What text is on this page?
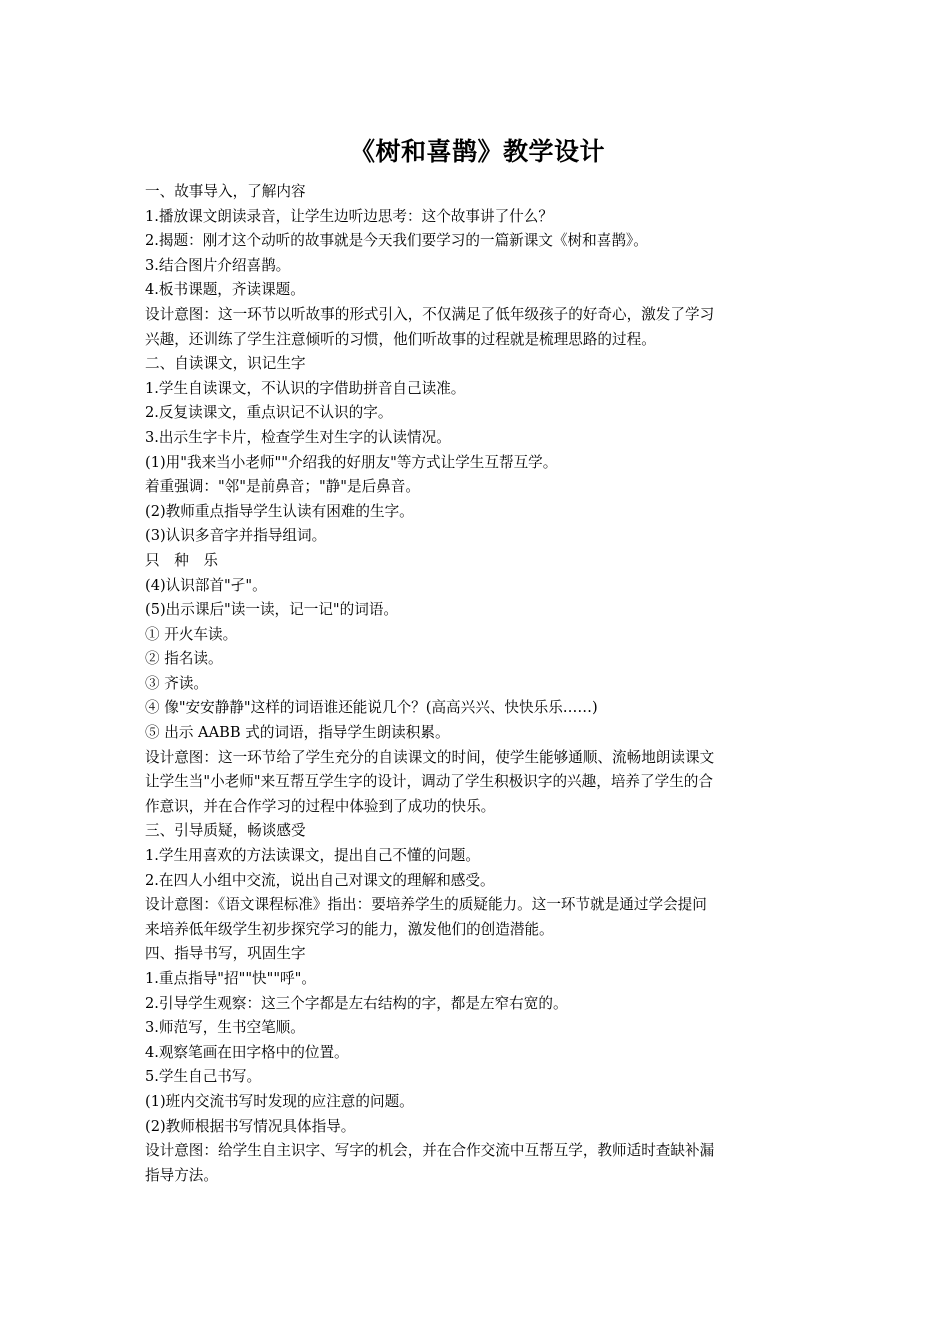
《树和喜鹊》教学设计

一、故事导入，了解内容

1.播放课文朗读录音，让学生边听边思考：这个故事讲了什么？

2.揭题：刚才这个动听的故事就是今天我们要学习的一篇新课文《树和喜鹊》。

3.结合图片介绍喜鹊。

4.板书课题，齐读课题。

设计意图：这一环节以听故事的形式引入，不仅满足了低年级孩子的好奇心，激发了学习

兴趣，还训练了学生注意倾听的习惯，他们听故事的过程就是梳理思路的过程。

二、自读课文，识记生字

1.学生自读课文，不认识的字借助拼音自己读准。

2.反复读课文，重点识记不认识的字。

3.出示生字卡片，检查学生对生字的认读情况。

(1)用"我来当小老师""介绍我的好朋友"等方式让学生互帮互学。

着重强调："邻"是前鼻音；"静"是后鼻音。

(2)教师重点指导学生认读有困难的生字。

(3)认识多音字并指导组词。

只　种　乐

(4)认识部首"孑"。

(5)出示课后"读一读，记一记"的词语。

① 开火车读。

② 指名读。

③ 齐读。

④ 像"安安静静"这样的词语谁还能说几个？(高高兴兴、快快乐乐……)

⑤ 出示 AABB 式的词语，指导学生朗读积累。

设计意图：这一环节给了学生充分的自读课文的时间，使学生能够通顺、流畅地朗读课文

让学生当"小老师"来互帮互学生字的设计，调动了学生积极识字的兴趣，培养了学生的合

作意识，并在合作学习的过程中体验到了成功的快乐。

三、引导质疑，畅谈感受

1.学生用喜欢的方法读课文，提出自己不懂的问题。

2.在四人小组中交流，说出自己对课文的理解和感受。

设计意图：《语文课程标准》指出：要培养学生的质疑能力。这一环节就是通过学会提问

来培养低年级学生初步探究学习的能力，激发他们的创造潜能。

四、指导书写，巩固生字

1.重点指导"招""快""呼"。

2.引导学生观察：这三个字都是左右结构的字，都是左窄右宽的。

3.师范写，生书空笔顺。

4.观察笔画在田字格中的位置。

5.学生自己书写。

(1)班内交流书写时发现的应注意的问题。

(2)教师根据书写情况具体指导。

设计意图：给学生自主识字、写字的机会，并在合作交流中互帮互学，教师适时查缺补漏

指导方法。
